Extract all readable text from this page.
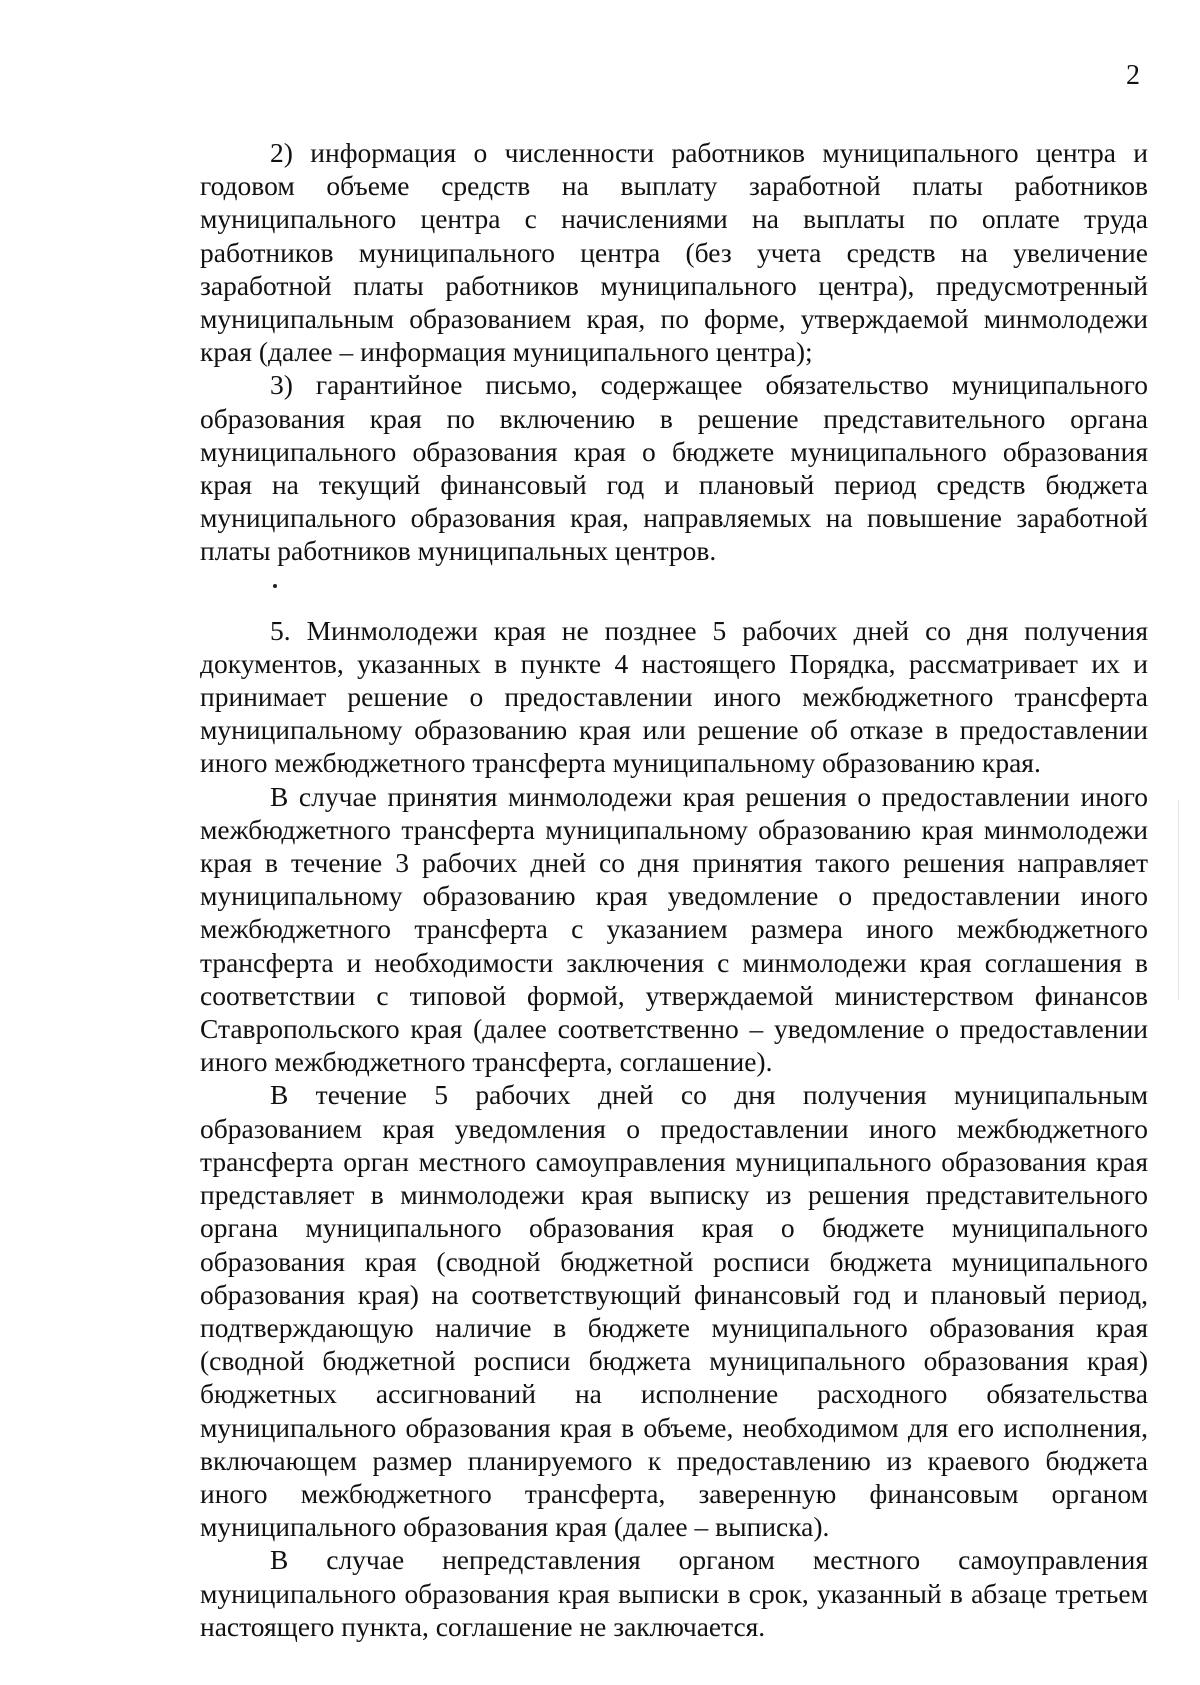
2

2) информация о численности работников муниципального центра и годовом объеме средств на выплату заработной платы работников муниципального центра с начислениями на выплаты по оплате труда работников муниципального центра (без учета средств на увеличение заработной платы работников муниципального центра), предусмотренный муниципальным образованием края, по форме, утверждаемой минмолодежи края (далее – информация муниципального центра);

3) гарантийное письмо, содержащее обязательство муниципального образования края по включению в решение представительного органа муниципального образования края о бюджете муниципального образования края на текущий финансовый год и плановый период средств бюджета муниципального образования края, направляемых на повышение заработной платы работников муниципальных центров.

5. Минмолодежи края не позднее 5 рабочих дней со дня получения документов, указанных в пункте 4 настоящего Порядка, рассматривает их и принимает решение о предоставлении иного межбюджетного трансферта муниципальному образованию края или решение об отказе в предоставлении иного межбюджетного трансферта муниципальному образованию края.

В случае принятия минмолодежи края решения о предоставлении иного межбюджетного трансферта муниципальному образованию края минмолодежи края в течение 3 рабочих дней со дня принятия такого решения направляет муниципальному образованию края уведомление о предоставлении иного межбюджетного трансферта с указанием размера иного межбюджетного трансферта и необходимости заключения с минмолодежи края соглашения в соответствии с типовой формой, утверждаемой министерством финансов Ставропольского края (далее соответственно – уведомление о предоставлении иного межбюджетного трансферта, соглашение).

В течение 5 рабочих дней со дня получения муниципальным образованием края уведомления о предоставлении иного межбюджетного трансферта орган местного самоуправления муниципального образования края представляет в минмолодежи края выписку из решения представительного органа муниципального образования края о бюджете муниципального образования края (сводной бюджетной росписи бюджета муниципального образования края) на соответствующий финансовый год и плановый период, подтверждающую наличие в бюджете муниципального образования края (сводной бюджетной росписи бюджета муниципального образования края) бюджетных ассигнований на исполнение расходного обязательства муниципального образования края в объеме, необходимом для его исполнения, включающем размер планируемого к предоставлению из краевого бюджета иного межбюджетного трансферта, заверенную финансовым органом муниципального образования края (далее – выписка).

В случае непредставления органом местного самоуправления муниципального образования края выписки в срок, указанный в абзаце третьем настоящего пункта, соглашение не заключается.
